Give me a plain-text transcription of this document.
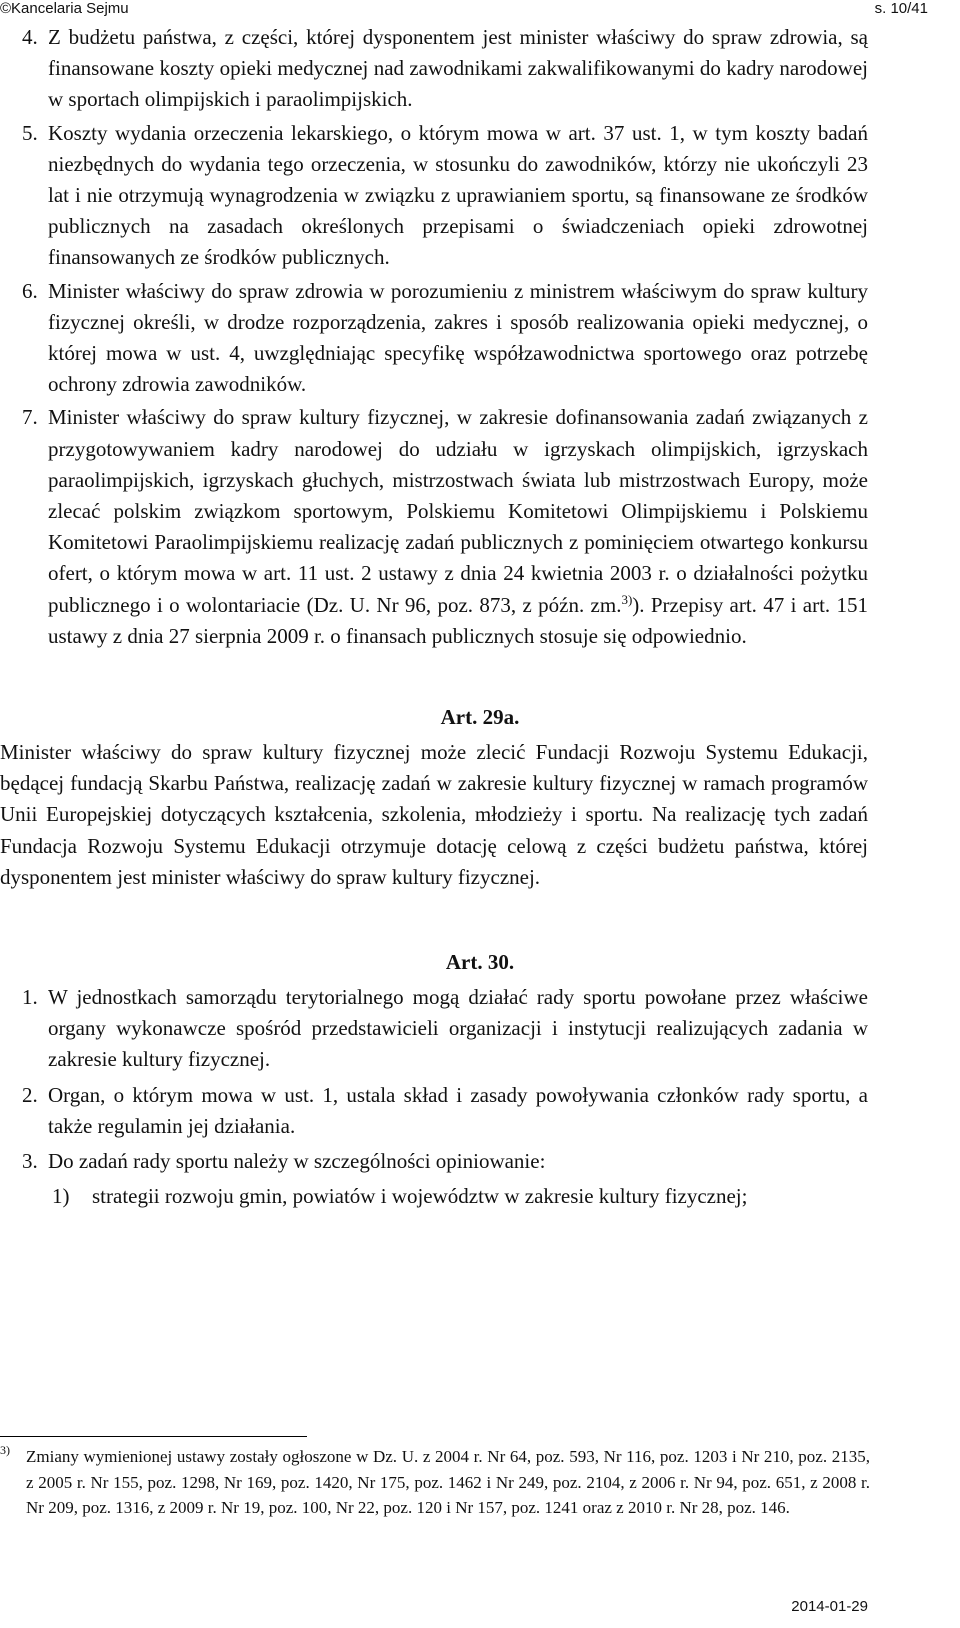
©Kancelaria Sejmu	s. 10/41

4. Z budżetu państwa, z części, której dysponentem jest minister właściwy do spraw zdrowia, są finansowane koszty opieki medycznej nad zawodnikami zakwalifikowanymi do kadry narodowej w sportach olimpijskich i paraolimpijskich.

5. Koszty wydania orzeczenia lekarskiego, o którym mowa w art. 37 ust. 1, w tym koszty badań niezbędnych do wydania tego orzeczenia, w stosunku do zawodników, którzy nie ukończyli 23 lat i nie otrzymują wynagrodzenia w związku z uprawianiem sportu, są finansowane ze środków publicznych na zasadach określonych przepisami o świadczeniach opieki zdrowotnej finansowanych ze środków publicznych.

6. Minister właściwy do spraw zdrowia w porozumieniu z ministrem właściwym do spraw kultury fizycznej określi, w drodze rozporządzenia, zakres i sposób realizowania opieki medycznej, o której mowa w ust. 4, uwzględniając specyfikę współzawodnictwa sportowego oraz potrzebę ochrony zdrowia zawodników.

7. Minister właściwy do spraw kultury fizycznej, w zakresie dofinansowania zadań związanych z przygotowywaniem kadry narodowej do udziału w igrzyskach olimpijskich, igrzyskach paraolimpijskich, igrzyskach głuchych, mistrzostwach świata lub mistrzostwach Europy, może zlecać polskim związkom sportowym, Polskiemu Komitetowi Olimpijskiemu i Polskiemu Komitetowi Paraolimpijskiemu realizację zadań publicznych z pominięciem otwartego konkursu ofert, o którym mowa w art. 11 ust. 2 ustawy z dnia 24 kwietnia 2003 r. o działalności pożytku publicznego i o wolontariacie (Dz. U. Nr 96, poz. 873, z późn. zm.$^{3)}$). Przepisy art. 47 i art. 151 ustawy z dnia 27 sierpnia 2009 r. o finansach publicznych stosuje się odpowiednio.

Art. 29a.

Minister właściwy do spraw kultury fizycznej może zlecić Fundacji Rozwoju Systemu Edukacji, będącej fundacją Skarbu Państwa, realizację zadań w zakresie kultury fizycznej w ramach programów Unii Europejskiej dotyczących kształcenia, szkolenia, młodzieży i sportu. Na realizację tych zadań Fundacja Rozwoju Systemu Edukacji otrzymuje dotację celową z części budżetu państwa, której dysponentem jest minister właściwy do spraw kultury fizycznej.

Art. 30.

1. W jednostkach samorządu terytorialnego mogą działać rady sportu powołane przez właściwe organy wykonawcze spośród przedstawicieli organizacji i instytucji realizujących zadania w zakresie kultury fizycznej.

2. Organ, o którym mowa w ust. 1, ustala skład i zasady powoływania członków rady sportu, a także regulamin jej działania.

3. Do zadań rady sportu należy w szczególności opiniowanie:

1) strategii rozwoju gmin, powiatów i województw w zakresie kultury fizycznej;

3) Zmiany wymienionej ustawy zostały ogłoszone w Dz. U. z 2004 r. Nr 64, poz. 593, Nr 116, poz. 1203 i Nr 210, poz. 2135, z 2005 r. Nr 155, poz. 1298, Nr 169, poz. 1420, Nr 175, poz. 1462 i Nr 249, poz. 2104, z 2006 r. Nr 94, poz. 651, z 2008 r. Nr 209, poz. 1316, z 2009 r. Nr 19, poz. 100, Nr 22, poz. 120 i Nr 157, poz. 1241 oraz z 2010 r. Nr 28, poz. 146.
2014-01-29
